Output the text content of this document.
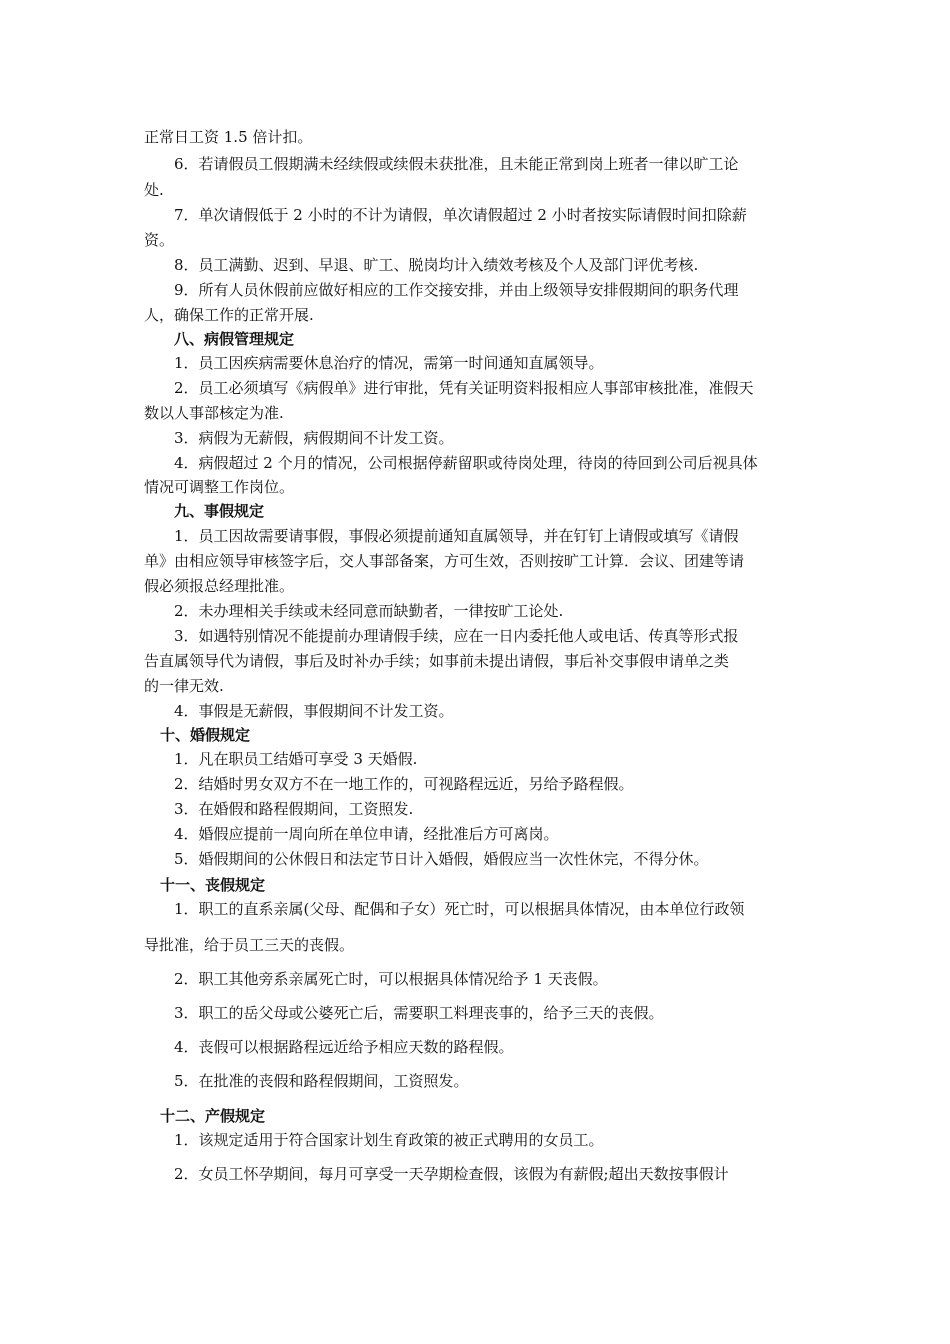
正常日工资 1.5 倍计扣。
6．若请假员工假期满未经续假或续假未获批准，且未能正常到岗上班者一律以旷工论
处.
7．单次请假低于 2 小时的不计为请假，单次请假超过 2 小时者按实际请假时间扣除薪
资。
8．员工满勤、迟到、早退、旷工、脱岗均计入绩效考核及个人及部门评优考核.
9．所有人员休假前应做好相应的工作交接安排，并由上级领导安排假期间的职务代理
人，确保工作的正常开展.
八、病假管理规定
1．员工因疾病需要休息治疗的情况，需第一时间通知直属领导。
2．员工必须填写《病假单》进行审批，凭有关证明资料报相应人事部审核批准，准假天
数以人事部核定为准.
3．病假为无薪假，病假期间不计发工资。
4．病假超过 2 个月的情况，公司根据停薪留职或待岗处理，待岗的待回到公司后视具体
情况可调整工作岗位。
九、事假规定
1．员工因故需要请事假，事假必须提前通知直属领导，并在钉钉上请假或填写《请假
单》由相应领导审核签字后，交人事部备案，方可生效，否则按旷工计算．会议、团建等请
假必须报总经理批准。
2．未办理相关手续或未经同意而缺勤者，一律按旷工论处.
3．如遇特别情况不能提前办理请假手续，应在一日内委托他人或电话、传真等形式报
告直属领导代为请假，事后及时补办手续；如事前未提出请假，事后补交事假申请单之类
的一律无效.
4．事假是无薪假，事假期间不计发工资。
十、婚假规定
1．凡在职员工结婚可享受 3 天婚假.
2．结婚时男女双方不在一地工作的，可视路程远近，另给予路程假。
3．在婚假和路程假期间，工资照发.
4．婚假应提前一周向所在单位申请，经批准后方可离岗。
5．婚假期间的公休假日和法定节日计入婚假，婚假应当一次性休完，不得分休。
十一、丧假规定
1．职工的直系亲属(父母、配偶和子女）死亡时，可以根据具体情况，由本单位行政领
导批准，给于员工三天的丧假。
2．职工其他旁系亲属死亡时，可以根据具体情况给予 1 天丧假。
3．职工的岳父母或公婆死亡后，需要职工料理丧事的，给予三天的丧假。
4．丧假可以根据路程远近给予相应天数的路程假。
5．在批准的丧假和路程假期间，工资照发。
十二、产假规定
1．该规定适用于符合国家计划生育政策的被正式聘用的女员工。
2．女员工怀孕期间，每月可享受一天孕期检查假，该假为有薪假;超出天数按事假计
